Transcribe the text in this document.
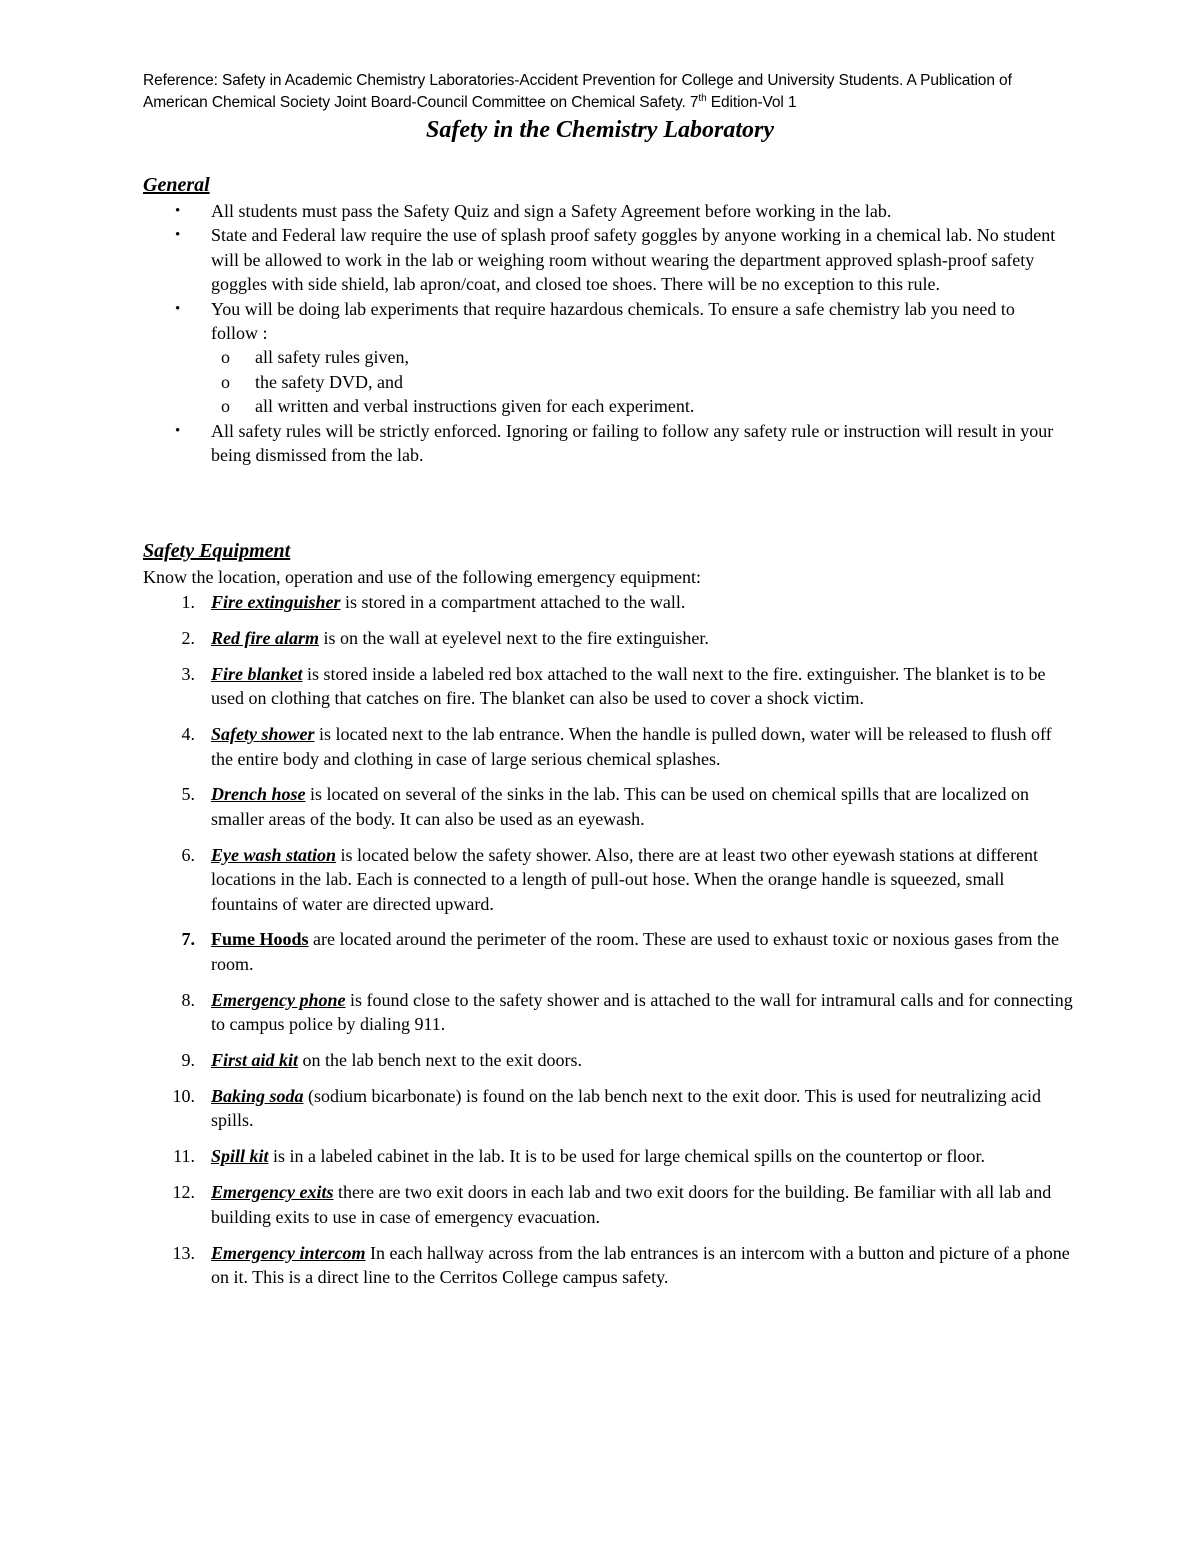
Reference: Safety in Academic Chemistry Laboratories-Accident Prevention for College and University Students. A Publication of American Chemical Society Joint Board-Council Committee on Chemical Safety. 7th Edition-Vol 1
Safety in the Chemistry Laboratory
General
• All students must pass the Safety Quiz and sign a Safety Agreement before working in the lab.
• State and Federal law require the use of splash proof safety goggles by anyone working in a chemical lab. No student will be allowed to work in the lab or weighing room without wearing the department approved splash-proof safety goggles with side shield, lab apron/coat, and closed toe shoes. There will be no exception to this rule.
• You will be doing lab experiments that require hazardous chemicals. To ensure a safe chemistry lab you need to follow :
o all safety rules given,
o the safety DVD, and
o all written and verbal instructions given for each experiment.
• All safety rules will be strictly enforced. Ignoring or failing to follow any safety rule or instruction will result in your being dismissed from the lab.
Safety Equipment
Know the location, operation and use of the following emergency equipment:
1. Fire extinguisher is stored in a compartment attached to the wall.
2. Red fire alarm is on the wall at eyelevel next to the fire extinguisher.
3. Fire blanket is stored inside a labeled red box attached to the wall next to the fire. extinguisher. The blanket is to be used on clothing that catches on fire. The blanket can also be used to cover a shock victim.
4. Safety shower is located next to the lab entrance. When the handle is pulled down, water will be released to flush off the entire body and clothing in case of large serious chemical splashes.
5. Drench hose is located on several of the sinks in the lab. This can be used on chemical spills that are localized on smaller areas of the body. It can also be used as an eyewash.
6. Eye wash station is located below the safety shower. Also, there are at least two other eyewash stations at different locations in the lab. Each is connected to a length of pull-out hose. When the orange handle is squeezed, small fountains of water are directed upward.
7. Fume Hoods are located around the perimeter of the room. These are used to exhaust toxic or noxious gases from the room.
8. Emergency phone is found close to the safety shower and is attached to the wall for intramural calls and for connecting to campus police by dialing 911.
9. First aid kit on the lab bench next to the exit doors.
10. Baking soda (sodium bicarbonate) is found on the lab bench next to the exit door. This is used for neutralizing acid spills.
11. Spill kit is in a labeled cabinet in the lab. It is to be used for large chemical spills on the countertop or floor.
12. Emergency exits there are two exit doors in each lab and two exit doors for the building. Be familiar with all lab and building exits to use in case of emergency evacuation.
13. Emergency intercom In each hallway across from the lab entrances is an intercom with a button and picture of a phone on it. This is a direct line to the Cerritos College campus safety.
